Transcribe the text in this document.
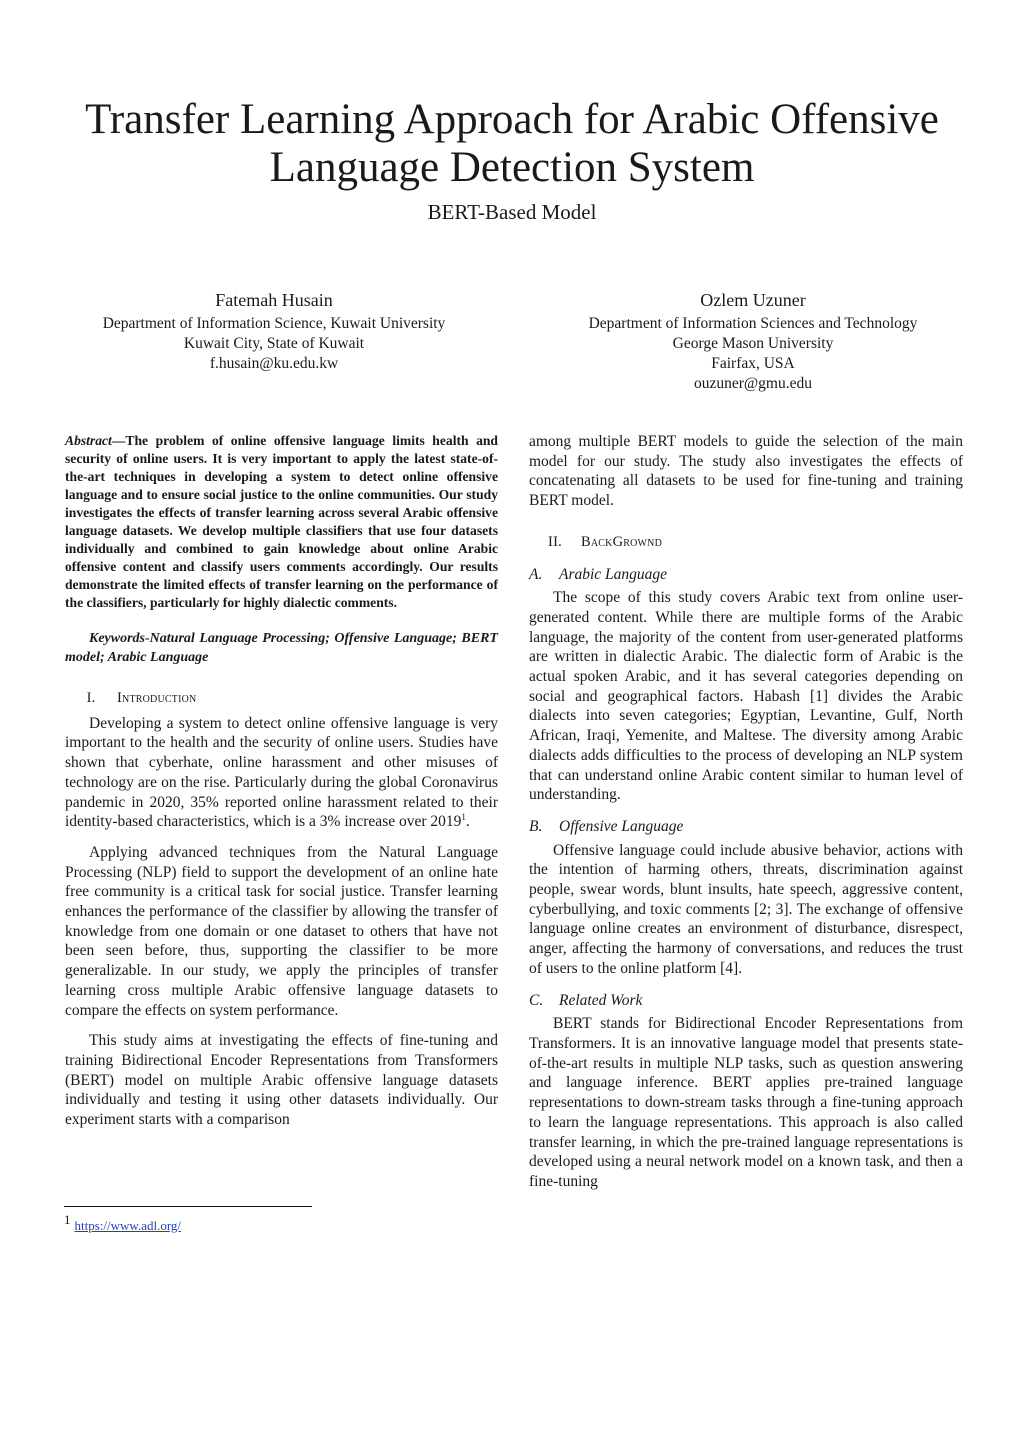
Transfer Learning Approach for Arabic Offensive
Language Detection System
BERT-Based Model
Fatemah Husain
Department of Information Science, Kuwait University
Kuwait City, State of Kuwait
f.husain@ku.edu.kw
Ozlem Uzuner
Department of Information Sciences and Technology
George Mason University
Fairfax, USA
ouzuner@gmu.edu

Abstract—The problem of online offensive language limits health and security of online users. It is very important to apply the latest state-of-the-art techniques in developing a system to detect online offensive language and to ensure social justice to the online communities. Our study investigates the effects of transfer learning across several Arabic offensive language datasets. We develop multiple classifiers that use four datasets individually and combined to gain knowledge about online Arabic offensive content and classify users comments accordingly. Our results demonstrate the limited effects of transfer learning on the performance of the classifiers, particularly for highly dialectic comments.

Keywords-Natural Language Processing; Offensive Language; BERT model; Arabic Language

I. Introduction

Developing a system to detect online offensive language is very important to the health and the security of online users. Studies have shown that cyberhate, online harassment and other misuses of technology are on the rise. Particularly during the global Coronavirus pandemic in 2020, 35% reported online harassment related to their identity-based characteristics, which is a 3% increase over 2019$^1$.

Applying advanced techniques from the Natural Language Processing (NLP) field to support the development of an online hate free community is a critical task for social justice. Transfer learning enhances the performance of the classifier by allowing the transfer of knowledge from one domain or one dataset to others that have not been seen before, thus, supporting the classifier to be more generalizable. In our study, we apply the principles of transfer learning cross multiple Arabic offensive language datasets to compare the effects on system performance.

This study aims at investigating the effects of fine-tuning and training Bidirectional Encoder Representations from Transformers (BERT) model on multiple Arabic offensive language datasets individually and testing it using other datasets individually. Our experiment starts with a comparison

among multiple BERT models to guide the selection of the main model for our study. The study also investigates the effects of concatenating all datasets to be used for fine-tuning and training BERT model.

II. BackGrownd
A. Arabic Language

The scope of this study covers Arabic text from online user-generated content. While there are multiple forms of the Arabic language, the majority of the content from user-generated platforms are written in dialectic Arabic. The dialectic form of Arabic is the actual spoken Arabic, and it has several categories depending on social and geographical factors. Habash [1] divides the Arabic dialects into seven categories; Egyptian, Levantine, Gulf, North African, Iraqi, Yemenite, and Maltese. The diversity among Arabic dialects adds difficulties to the process of developing an NLP system that can understand online Arabic content similar to human level of understanding.

B. Offensive Language

Offensive language could include abusive behavior, actions with the intention of harming others, threats, discrimination against people, swear words, blunt insults, hate speech, aggressive content, cyberbullying, and toxic comments [2; 3]. The exchange of offensive language online creates an environment of disturbance, disrespect, anger, affecting the harmony of conversations, and reduces the trust of users to the online platform [4].

C. Related Work

BERT stands for Bidirectional Encoder Representations from Transformers. It is an innovative language model that presents state-of-the-art results in multiple NLP tasks, such as question answering and language inference. BERT applies pre-trained language representations to down-stream tasks through a fine-tuning approach to learn the language representations. This approach is also called transfer learning, in which the pre-trained language representations is developed using a neural network model on a known task, and then a fine-tuning

1 https://www.adl.org/
